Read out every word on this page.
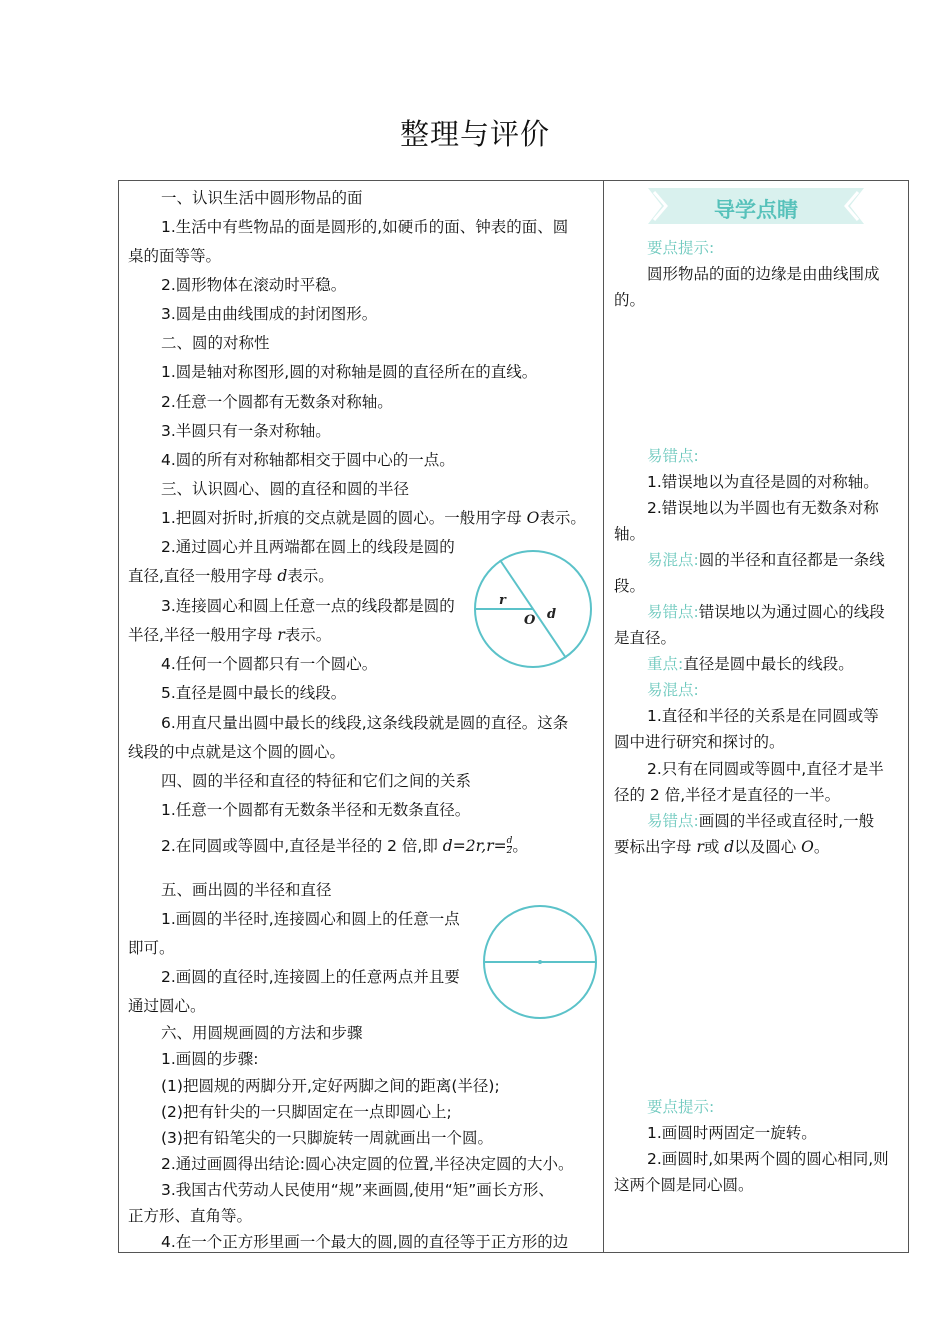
整理与评价
一、认识生活中圆形物品的面
1.生活中有些物品的面是圆形的,如硬币的面、钟表的面、圆
桌的面等等。
2.圆形物体在滚动时平稳。
3.圆是由曲线围成的封闭图形。
二、圆的对称性
1.圆是轴对称图形,圆的对称轴是圆的直径所在的直线。
2.任意一个圆都有无数条对称轴。
3.半圆只有一条对称轴。
4.圆的所有对称轴都相交于圆中心的一点。
三、认识圆心、圆的直径和圆的半径
1.把圆对折时,折痕的交点就是圆的圆心。一般用字母 O表示。
2.通过圆心并且两端都在圆上的线段是圆的
直径,直径一般用字母 d表示。
3.连接圆心和圆上任意一点的线段都是圆的
半径,半径一般用字母 r表示。
4.任何一个圆都只有一个圆心。
5.直径是圆中最长的线段。
6.用直尺量出圆中最长的线段,这条线段就是圆的直径。这条
线段的中点就是这个圆的圆心。
四、圆的半径和直径的特征和它们之间的关系
1.任意一个圆都有无数条半径和无数条直径。
2.在同圆或等圆中,直径是半径的 2 倍,即 $d=2r,r= \frac{d}{2}$ 。
五、画出圆的半径和直径
1.画圆的半径时,连接圆心和圆上的任意一点
即可。
2.画圆的直径时,连接圆上的任意两点并且要
通过圆心。
六、用圆规画圆的方法和步骤
1.画圆的步骤:
(1)把圆规的两脚分开,定好两脚之间的距离(半径);
(2)把有针尖的一只脚固定在一点即圆心上;
(3)把有铅笔尖的一只脚旋转一周就画出一个圆。
2.通过画圆得出结论:圆心决定圆的位置,半径决定圆的大小。
3.我国古代劳动人民使用“规”来画圆,使用“矩”画长方形、
正方形、直角等。
4.在一个正方形里画一个最大的圆,圆的直径等于正方形的边
r
O d
导学点睛
要点提示:
圆形物品的面的边缘是由曲线围成
的。
易错点:
1.错误地以为直径是圆的对称轴。
2.错误地以为半圆也有无数条对称
轴。
易混点:圆的半径和直径都是一条线
段。
易错点:错误地以为通过圆心的线段
是直径。
重点:直径是圆中最长的线段。
易混点:
1.直径和半径的关系是在同圆或等
圆中进行研究和探讨的。
2.只有在同圆或等圆中,直径才是半
径的 2 倍,半径才是直径的一半。
易错点:画圆的半径或直径时,一般
要标出字母 r或 d以及圆心 O。
要点提示:
1.画圆时两固定一旋转。
2.画圆时,如果两个圆的圆心相同,则
这两个圆是同心圆。
